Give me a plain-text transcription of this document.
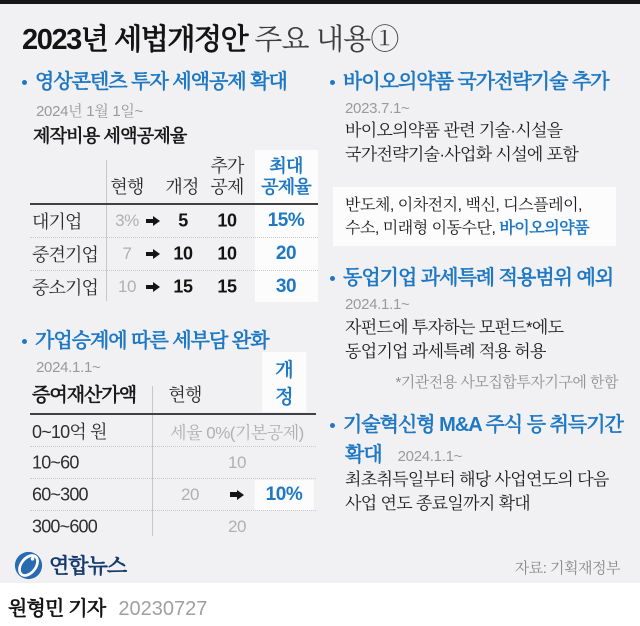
2023년 세법개정안 주요 내용①
영상콘텐츠 투자 세액공제 확대
2024년 1월 1일~
제작비용 세액공제율
현행 개정
추가
공제
최대
공제율
대기업 3% 5 10 15%
중견기업 7 10 10 20
중소기업 10 15 15 30
가업승계에 따른 세부담 완화
2024.1.1~
증여재산가액 현행
개정
0~10억 원	세율 0%(기본공제)
10~60	10
60~300	20	10%
300~600	20
바이오의약품 국가전략기술 추가
2023.7.1~
바이오의약품 관련 기술·시설을
국가전략기술·사업화 시설에 포함
반도체, 이차전지, 백신, 디스플레이,
수소, 미래형 이동수단, 바이오의약품
동업기업 과세특례 적용범위 예외
2024.1.1~
자펀드에 투자하는 모펀드*에도
동업기업 과세특례 적용 허용
*기관전용 사모집합투자기구에 한함
기술혁신형 M&A 주식 등 취득기간
확대 2024.1.1~
최초취득일부터 해당 사업연도의 다음
사업 연도 종료일까지 확대
연합뉴스	자료: 기획재정부
원형민 기자 20230727
